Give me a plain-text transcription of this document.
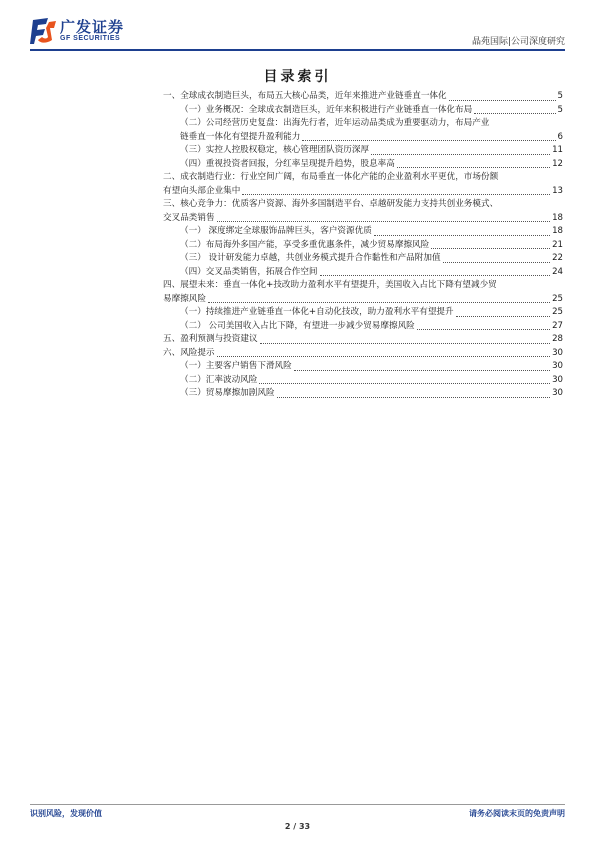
广发证券
GF SECURITIES	晶苑国际|公司深度研究
目录索引
一、全球成衣制造巨头，布局五大核心品类，近年来推进产业链垂直一体化	5
（一）业务概况：全球成衣制造巨头，近年来积极进行产业链垂直一体化布局	5
（二）公司经营历史复盘：出海先行者，近年运动品类成为重要驱动力，布局产业
链垂直一体化有望提升盈利能力	6
（三）实控人控股权稳定，核心管理团队资历深厚	11
（四）重视投资者回报，分红率呈现提升趋势，股息率高	12
二、成衣制造行业：行业空间广阔，布局垂直一体化产能的企业盈利水平更优，市场份额
有望向头部企业集中	13
三、核心竞争力：优质客户资源、海外多国制造平台、卓越研发能力支持共创业务模式、
交叉品类销售	18
（一） 深度绑定全球服饰品牌巨头，客户资源优质	18
（二）布局海外多国产能，享受多重优惠条件，减少贸易摩擦风险	21
（三） 设计研发能力卓越，共创业务模式提升合作黏性和产品附加值	22
（四）交叉品类销售，拓展合作空间	24
四、展望未来：垂直一体化+技改助力盈利水平有望提升，美国收入占比下降有望减少贸
易摩擦风险	25
（一）持续推进产业链垂直一体化+自动化技改，助力盈利水平有望提升	25
（二） 公司美国收入占比下降，有望进一步减少贸易摩擦风险	27
五、盈利预测与投资建议	28
六、风险提示	30
（一）主要客户销售下滑风险	30
（二）汇率波动风险	30
（三）贸易摩擦加剧风险	30
识别风险，发现价值	请务必阅读末页的免责声明
2 / 33
